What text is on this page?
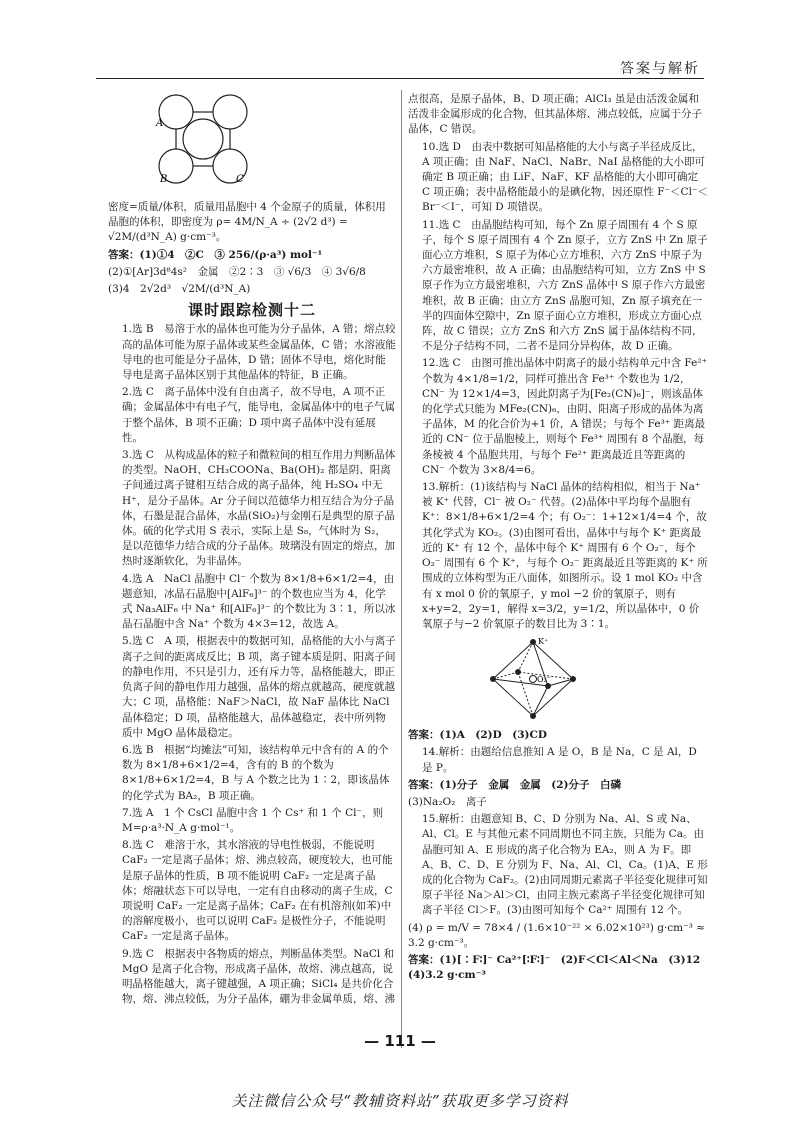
答案与解析
A
B	C

密度=质量/体积，质量用晶胞中 4 个金原子的质量，体积用晶胞的体积，即密度为 ρ= 4M/N_A ÷ (2√2 d³) = √2M/(d³N_A) g·cm⁻³。

答案：(1)①4　②C　③ 256/(ρ·a³) mol⁻¹

(2)①[Ar]3d⁸4s²　金属　②2∶3　③ √6/3　④ 3√6/8

(3)4　2√2d³　√2M/(d³N_A)

课时跟踪检测十二

1.选 B　易溶于水的晶体也可能为分子晶体，A 错；熔点较高的晶体可能为原子晶体或某些金属晶体，C 错；水溶液能导电的也可能是分子晶体，D 错；固体不导电，熔化时能导电是离子晶体区别于其他晶体的特征，B 正确。

2.选 C　离子晶体中没有自由离子，故不导电，A 项不正确；金属晶体中有电子气，能导电，金属晶体中的电子气属于整个晶体，B 项不正确；D 项中离子晶体中没有延展性。

3.选 C　从构成晶体的粒子和微粒间的相互作用力判断晶体的类型。NaOH、CH₃COONa、Ba(OH)₂ 都是阴、阳离子间通过离子键相互结合成的离子晶体，纯 H₂SO₄ 中无 H⁺，是分子晶体。Ar 分子间以范德华力相互结合为分子晶体，石墨是混合晶体，水晶(SiO₂)与金刚石是典型的原子晶体。硫的化学式用 S 表示，实际上是 S₈，气体时为 S₂，是以范德华力结合成的分子晶体。玻璃没有固定的熔点，加热时逐渐软化，为非晶体。

4.选 A　NaCl 晶胞中 Cl⁻ 个数为 8×1/8+6×1/2=4，由题意知，冰晶石晶胞中[AlF₆]³⁻ 的个数也应当为 4，化学式 Na₃AlF₆ 中 Na⁺ 和[AlF₆]³⁻ 的个数比为 3∶1，所以冰晶石晶胞中含 Na⁺ 个数为 4×3=12，故选 A。

5.选 C　A 项，根据表中的数据可知，晶格能的大小与离子离子之间的距离成反比；B 项，离子键本质是阴、阳离子间的静电作用，不只是引力，还有斥力等，晶格能越大，即正负离子间的静电作用力越强，晶体的熔点就越高，硬度就越大；C 项，晶格能：NaF＞NaCl，故 NaF 晶体比 NaCl 晶体稳定；D 项，晶格能越大，晶体越稳定，表中所列物质中 MgO 晶体最稳定。

6.选 B　根据“均摊法”可知，该结构单元中含有的 A 的个数为 8×1/8+6×1/2=4，含有的 B 的个数为 8×1/8+6×1/2=4，B 与 A 个数之比为 1∶2，即该晶体的化学式为 BA₂，B 项正确。

7.选 A　1 个 CsCl 晶胞中含 1 个 Cs⁺ 和 1 个 Cl⁻，则 M=ρ·a³·N_A g·mol⁻¹。

8.选 C　难溶于水，其水溶液的导电性极弱，不能说明 CaF₂ 一定是离子晶体；熔、沸点较高，硬度较大，也可能是原子晶体的性质，B 项不能说明 CaF₂ 一定是离子晶体；熔融状态下可以导电，一定有自由移动的离子生成，C 项说明 CaF₂ 一定是离子晶体；CaF₂ 在有机溶剂(如苯)中的溶解度极小，也可以说明 CaF₂ 是极性分子，不能说明 CaF₂ 一定是离子晶体。

9.选 C　根据表中各物质的熔点，判断晶体类型。NaCl 和 MgO 是离子化合物，形成离子晶体，故熔、沸点越高，说明晶格能越大，离子键越强，A 项正确；SiCl₄ 是共价化合物，熔、沸点较低，为分子晶体，硼为非金属单质，熔、沸

点很高，是原子晶体，B、D 项正确；AlCl₃ 虽是由活泼金属和活泼非金属形成的化合物，但其晶体熔、沸点较低，应属于分子晶体，C 错误。

10.选 D　由表中数据可知晶格能的大小与离子半径成反比，A 项正确；由 NaF、NaCl、NaBr、NaI 晶格能的大小即可确定 B 项正确；由 LiF、NaF、KF 晶格能的大小即可确定 C 项正确；表中晶格能最小的是碘化物，因还原性 F⁻＜Cl⁻＜Br⁻＜I⁻，可知 D 项错误。

11.选 C　由晶胞结构可知，每个 Zn 原子周围有 4 个 S 原子，每个 S 原子周围有 4 个 Zn 原子，立方 ZnS 中 Zn 原子面心立方堆积，S 原子为体心立方堆积，六方 ZnS 中原子为六方最密堆积，故 A 正确；由晶胞结构可知，立方 ZnS 中 S 原子作为立方最密堆积，六方 ZnS 晶体中 S 原子作六方最密堆积，故 B 正确；由立方 ZnS 晶胞可知，Zn 原子填充在一半的四面体空隙中，Zn 原子面心立方堆积，形成立方面心点阵，故 C 错误；立方 ZnS 和六方 ZnS 属于晶体结构不同，不是分子结构不同，二者不是同分异构体，故 D 正确。

12.选 C　由图可推出晶体中阴离子的最小结构单元中含 Fe²⁺ 个数为 4×1/8=1/2，同样可推出含 Fe³⁺ 个数也为 1/2，CN⁻ 为 12×1/4=3，因此阴离子为[Fe₂(CN)₆]⁻，则该晶体的化学式只能为 MFe₂(CN)₆，由阴、阳离子形成的晶体为离子晶体，M 的化合价为+1 价，A 错误；与每个 Fe³⁺ 距离最近的 CN⁻ 位于晶胞棱上，则每个 Fe³⁺ 周围有 8 个晶胞，每条棱被 4 个晶胞共用，与每个 Fe²⁺ 距离最近且等距离的 CN⁻ 个数为 3×8/4=6。

13.解析：(1)该结构与 NaCl 晶体的结构相似，相当于 Na⁺ 被 K⁺ 代替，Cl⁻ 被 O₂⁻ 代替。(2)晶体中平均每个晶胞有 K⁺：8×1/8+6×1/2=4 个；有 O₂⁻：1+12×1/4=4 个，故其化学式为 KO₂。(3)由图可看出，晶体中与每个 K⁺ 距离最近的 K⁺ 有 12 个，晶体中每个 K⁺ 周围有 6 个 O₂⁻，每个 O₂⁻ 周围有 6 个 K⁺，与每个 O₂⁻ 距离最近且等距离的 K⁺ 所围成的立体构型为正八面体，如图所示。设 1 mol KO₂ 中含有 x mol 0 价的氧原子，y mol −2 价的氧原子，则有 x+y=2，2y=1，解得 x=3/2，y=1/2，所以晶体中，0 价氧原子与−2 价氧原子的数目比为 3∶1。

O₂⁻
K⁺

答案：(1)A　(2)D　(3)CD

14.解析：由题给信息推知 A 是 O，B 是 Na，C 是 Al，D 是 P。

答案：(1)分子　金属　金属　(2)分子　白磷

(3)Na₂O₂　离子

15.解析：由题意知 B、C、D 分别为 Na、Al、S 或 Na、Al、Cl。E 与其他元素不同周期也不同主族，只能为 Ca。由晶胞可知 A、E 形成的离子化合物为 EA₂，则 A 为 F。即 A、B、C、D、E 分别为 F、Na、Al、Cl、Ca。(1)A、E 形成的化合物为 CaF₂。(2)由同周期元素离子半径变化规律可知原子半径 Na＞Al＞Cl，由同主族元素离子半径变化规律可知离子半径 Cl＞F。(3)由图可知每个 Ca²⁺ 周围有 12 个。

(4) ρ = m/V = 78×4 / (1.6×10⁻²² × 6.02×10²³) g·cm⁻³ ≈ 3.2 g·cm⁻³。

答案：(1)[∶F∶]⁻ Ca²⁺[∶F∶]⁻　(2)F＜Cl＜Al＜Na　(3)12　(4)3.2 g·cm⁻³

— 111 —
关注微信公众号“教辅资料站”获取更多学习资料
